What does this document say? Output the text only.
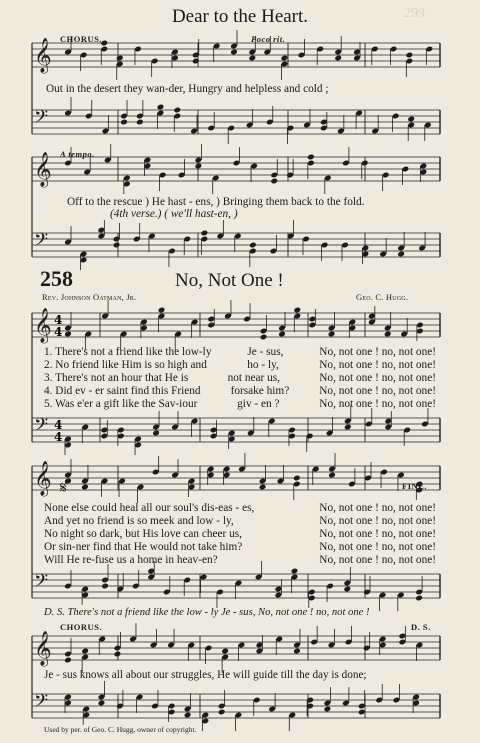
𝄞
𝄢
𝄞
𝄢
𝄞
𝄢
𝄞
𝄢
𝄞
𝄢
4
4
4
4
Dear to the Heart.	299
CHORUS.	Poco rit.
Out in the desert they wan-der, Hungry and helpless and cold ;
A tempo.
Off to the rescue ) He hast - ens, ) Bringing them back to the fold.
(4th verse.) ( we'll hast-en, )
258	No, Not One !
Rev. Johnson Oatman, Jr.	Geo. C. Hugg.
1. There's not a friend like the low-ly	Je - sus,	No, not one ! no, not one!
2. No friend like Him is so high and	ho - ly,	No, not one ! no, not one!
3. There's not an hour that He is	not near us,	No, not one ! no, not one!
4. Did ev - er saint find this Friend	forsake him?	No, not one ! no, not one!
5. Was e'er a gift like the Sav-iour	giv - en ?	No, not one ! no, not one!
𝄋	FINE.
None else could heal all our soul's dis-eas - es,	No, not one ! no, not one!
And yet no friend is so meek and low - ly,	No, not one ! no, not one!
No night so dark, but His love can cheer us,	No, not one ! no, not one!
Or sin-ner find that He would not take him?	No, not one ! no, not one!
Will He re-fuse us a home in heav-en?	No, not one ! no, not one!
D. S. There's not a friend like the low - ly Je - sus, No, not one ! no, not one !
CHORUS.	D. S.
Je - sus knows all about our struggles, He will guide till the day is done;
Used by per. of Geo. C. Hugg, owner of copyright.
